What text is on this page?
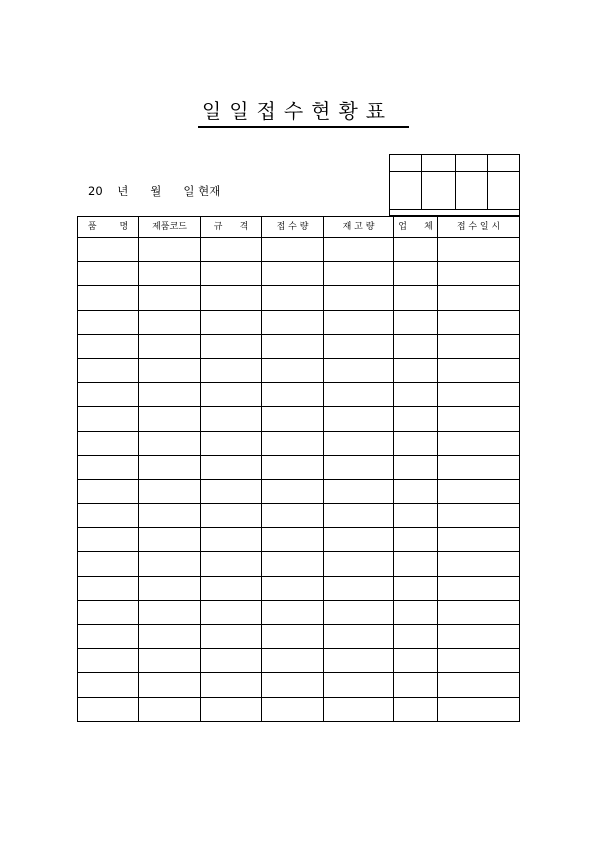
일일접수현황표
20    년      월      일 현재

품        명	제품코드	규      격	접 수 량	재 고 량	업      체	접 수 일 시
